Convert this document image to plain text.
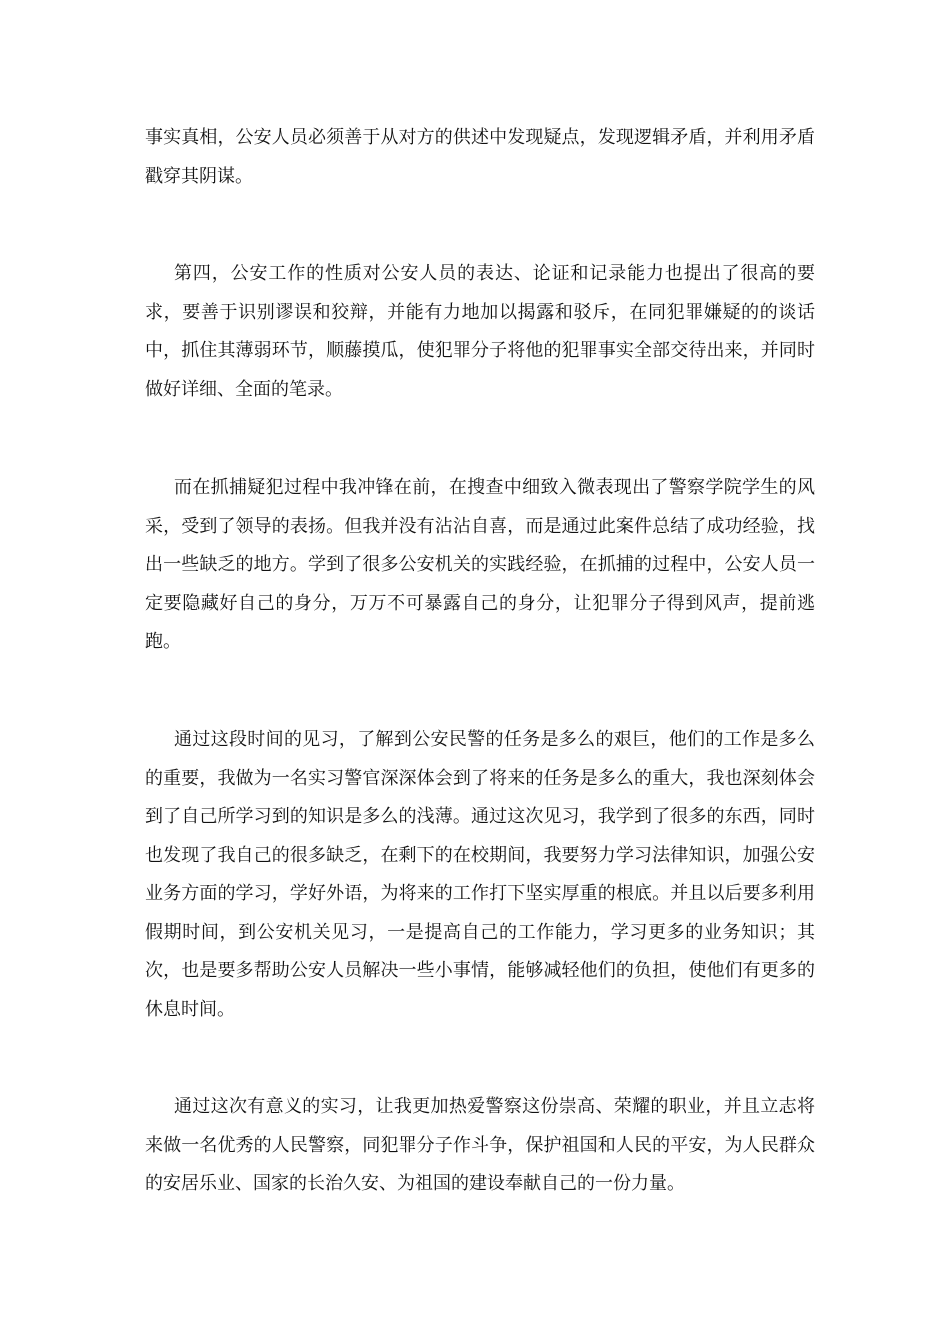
事实真相，公安人员必须善于从对方的供述中发现疑点，发现逻辑矛盾，并利用矛盾戳穿其阴谋。

第四，公安工作的性质对公安人员的表达、论证和记录能力也提出了很高的要求，要善于识别谬误和狡辩，并能有力地加以揭露和驳斥，在同犯罪嫌疑的的谈话中，抓住其薄弱环节，顺藤摸瓜，使犯罪分子将他的犯罪事实全部交待出来，并同时做好详细、全面的笔录。

而在抓捕疑犯过程中我冲锋在前，在搜查中细致入微表现出了警察学院学生的风采，受到了领导的表扬。但我并没有沾沾自喜，而是通过此案件总结了成功经验，找出一些缺乏的地方。学到了很多公安机关的实践经验，在抓捕的过程中，公安人员一定要隐藏好自己的身分，万万不可暴露自己的身分，让犯罪分子得到风声，提前逃跑。

通过这段时间的见习，了解到公安民警的任务是多么的艰巨，他们的工作是多么的重要，我做为一名实习警官深深体会到了将来的任务是多么的重大，我也深刻体会到了自己所学习到的知识是多么的浅薄。通过这次见习，我学到了很多的东西，同时也发现了我自己的很多缺乏，在剩下的在校期间，我要努力学习法律知识，加强公安业务方面的学习，学好外语，为将来的工作打下坚实厚重的根底。并且以后要多利用假期时间，到公安机关见习，一是提高自己的工作能力，学习更多的业务知识；其次，也是要多帮助公安人员解决一些小事情，能够减轻他们的负担，使他们有更多的休息时间。

通过这次有意义的实习，让我更加热爱警察这份崇高、荣耀的职业，并且立志将来做一名优秀的人民警察，同犯罪分子作斗争，保护祖国和人民的平安，为人民群众的安居乐业、国家的长治久安、为祖国的建设奉献自己的一份力量。
